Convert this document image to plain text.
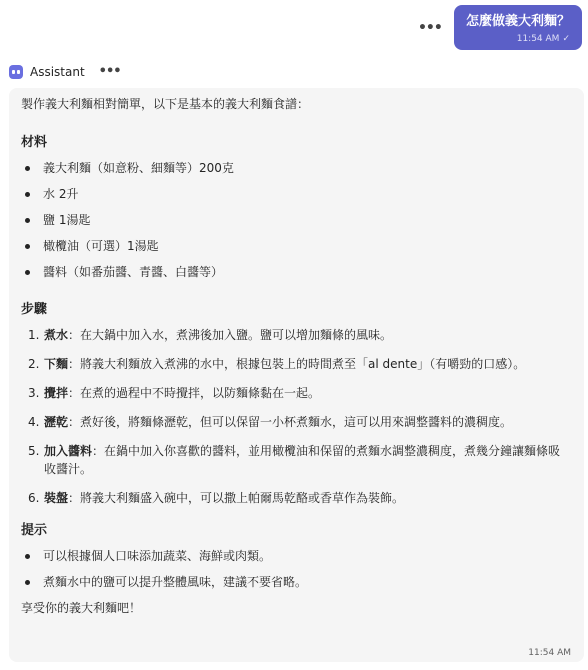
••• 怎麼做義大利麵？
11:54 AM ✓
Assistant •••
製作義大利麵相對簡單，以下是基本的義大利麵食譜：
材料
義大利麵（如意粉、細麵等）200克
水 2升
鹽 1湯匙
橄欖油（可選）1湯匙
醬料（如番茄醬、青醬、白醬等）
步驟
1. 煮水：在大鍋中加入水，煮沸後加入鹽。鹽可以增加麵條的風味。
2. 下麵：將義大利麵放入煮沸的水中，根據包裝上的時間煮至「al dente」（有嚼勁的口感）。
3. 攪拌：在煮的過程中不時攪拌，以防麵條黏在一起。
4. 瀝乾：煮好後，將麵條瀝乾，但可以保留一小杯煮麵水，這可以用來調整醬料的濃稠度。
5. 加入醬料：在鍋中加入你喜歡的醬料，並用橄欖油和保留的煮麵水調整濃稠度，煮幾分鐘讓麵條吸收醬汁。
6. 裝盤：將義大利麵盛入碗中，可以撒上帕爾馬乾酪或香草作為裝飾。
提示
可以根據個人口味添加蔬菜、海鮮或肉類。
煮麵水中的鹽可以提升整體風味，建議不要省略。
享受你的義大利麵吧！
11:54 AM
